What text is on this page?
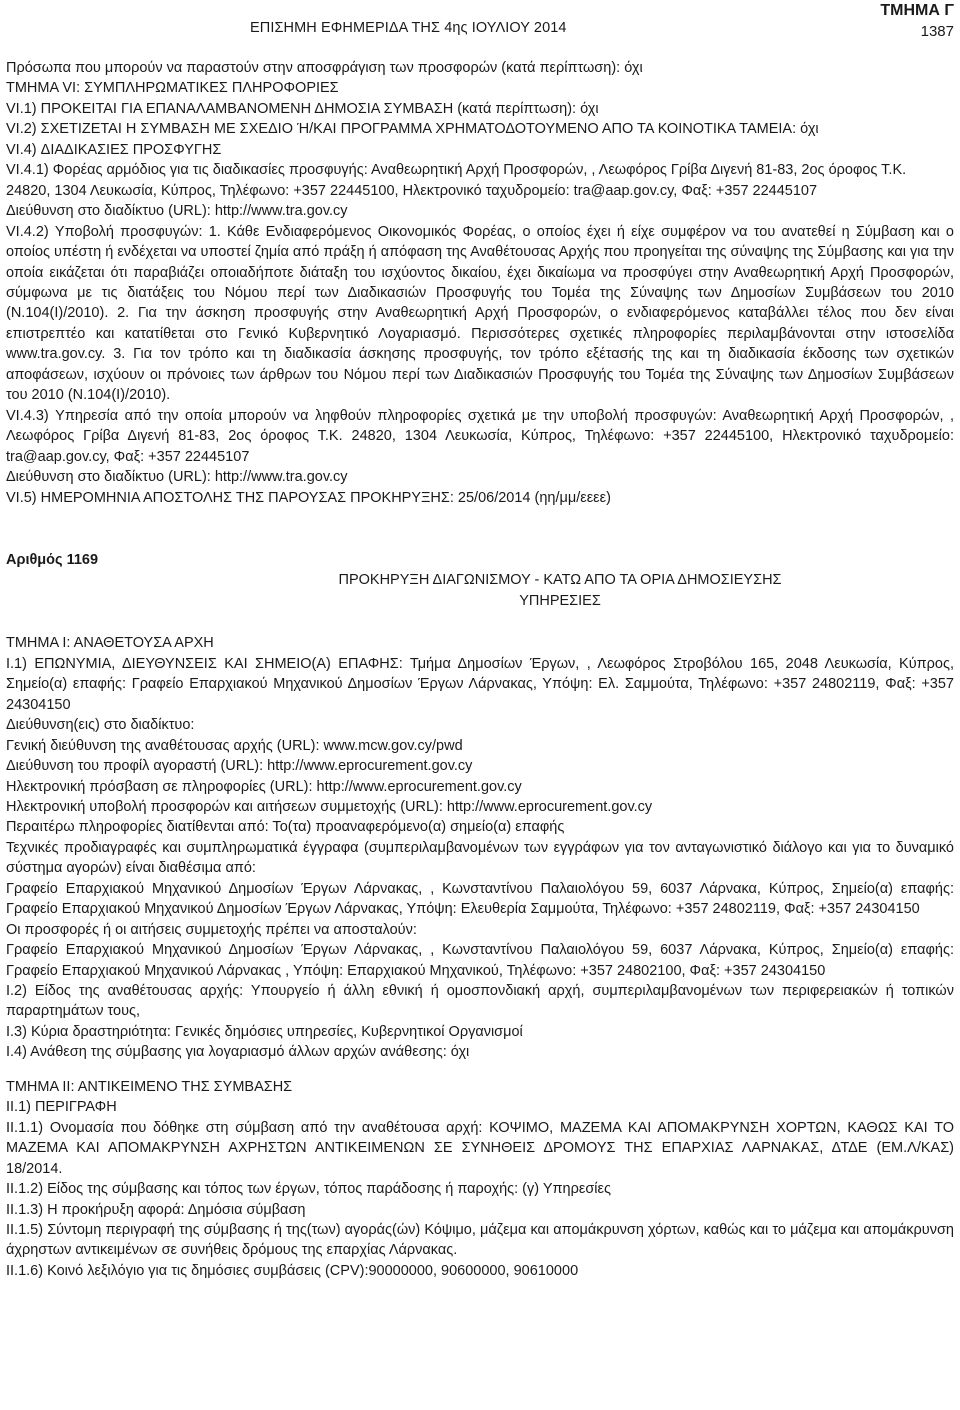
ΕΠΙΣΗΜΗ ΕΦΗΜΕΡΙΔΑ ΤΗΣ 4ης ΙΟΥΛΙΟΥ 2014
ΤΜΗΜΑ Γ
1387

Πρόσωπα που μπορούν να παραστούν στην αποσφράγιση των προσφορών (κατά περίπτωση): όχι

ΤΜΗΜΑ VI: ΣΥΜΠΛΗΡΩΜΑΤΙΚΕΣ ΠΛΗΡΟΦΟΡΙΕΣ

VI.1) ΠΡΟΚΕΙΤΑΙ ΓΙΑ ΕΠΑΝΑΛΑΜΒΑΝΟΜΕΝΗ ΔΗΜΟΣΙΑ ΣΥΜΒΑΣΗ (κατά περίπτωση): όχι

VI.2) ΣΧΕΤΙΖΕΤΑΙ Η ΣΥΜΒΑΣΗ ΜΕ ΣΧΕΔΙΟ Ή/ΚΑΙ ΠΡΟΓΡΑΜΜΑ ΧΡΗΜΑΤΟΔΟΤΟΥΜΕΝΟ ΑΠΟ ΤΑ ΚΟΙΝΟΤΙΚΑ ΤΑΜΕΙΑ: όχι

VI.4) ΔΙΑΔΙΚΑΣΙΕΣ ΠΡΟΣΦΥΓΗΣ

VI.4.1) Φορέας αρμόδιος για τις διαδικασίες προσφυγής: Αναθεωρητική Αρχή Προσφορών, , Λεωφόρος Γρίβα Διγενή 81-83, 2ος όροφος Τ.Κ. 24820, 1304 Λευκωσία, Κύπρος, Τηλέφωνο: +357 22445100, Ηλεκτρονικό ταχυδρομείο: tra@aap.gov.cy, Φαξ: +357 22445107

Διεύθυνση στο διαδίκτυο (URL): http://www.tra.gov.cy

VI.4.2) Υποβολή προσφυγών: 1. Κάθε Ενδιαφερόμενος Οικονομικός Φορέας, ο οποίος έχει ή είχε συμφέρον να του ανατεθεί η Σύμβαση και ο οποίος υπέστη ή ενδέχεται να υποστεί ζημία από πράξη ή απόφαση της Αναθέτουσας Αρχής που προηγείται της σύναψης της Σύμβασης και για την οποία εικάζεται ότι παραβιάζει οποιαδήποτε διάταξη του ισχύοντος δικαίου, έχει δικαίωμα να προσφύγει στην Αναθεωρητική Αρχή Προσφορών, σύμφωνα με τις διατάξεις του Νόμου περί των Διαδικασιών Προσφυγής του Τομέα της Σύναψης των Δημοσίων Συμβάσεων του 2010 (Ν.104(Ι)/2010). 2. Για την άσκηση προσφυγής στην Αναθεωρητική Αρχή Προσφορών, ο ενδιαφερόμενος καταβάλλει τέλος που δεν είναι επιστρεπτέο και κατατίθεται στο Γενικό Κυβερνητικό Λογαριασμό. Περισσότερες σχετικές πληροφορίες περιλαμβάνονται στην ιστοσελίδα www.tra.gov.cy. 3. Για τον τρόπο και τη διαδικασία άσκησης προσφυγής, τον τρόπο εξέτασής της και τη διαδικασία έκδοσης των σχετικών αποφάσεων, ισχύουν οι πρόνοιες των άρθρων του Νόμου περί των Διαδικασιών Προσφυγής του Τομέα της Σύναψης των Δημοσίων Συμβάσεων του 2010 (Ν.104(Ι)/2010).

VI.4.3) Υπηρεσία από την οποία μπορούν να ληφθούν πληροφορίες σχετικά με την υποβολή προσφυγών: Αναθεωρητική Αρχή Προσφορών, , Λεωφόρος Γρίβα Διγενή 81-83, 2ος όροφος Τ.Κ. 24820, 1304 Λευκωσία, Κύπρος, Τηλέφωνο: +357 22445100, Ηλεκτρονικό ταχυδρομείο: tra@aap.gov.cy, Φαξ: +357 22445107

Διεύθυνση στο διαδίκτυο (URL): http://www.tra.gov.cy

VI.5) ΗΜΕΡΟΜΗΝΙΑ ΑΠΟΣΤΟΛΗΣ ΤΗΣ ΠΑΡΟΥΣΑΣ ΠΡΟΚΗΡΥΞΗΣ: 25/06/2014 (ηη/μμ/εεεε)

Αριθμός 1169

ΠΡΟΚΗΡΥΞΗ ΔΙΑΓΩΝΙΣΜΟΥ - ΚΑΤΩ ΑΠΟ ΤΑ ΟΡΙΑ ΔΗΜΟΣΙΕΥΣΗΣ
ΥΠΗΡΕΣΙΕΣ

ΤΜΗΜΑ Ι: ΑΝΑΘΕΤΟΥΣΑ ΑΡΧΗ

Ι.1) ΕΠΩΝΥΜΙΑ, ΔΙΕΥΘΥΝΣΕΙΣ ΚΑΙ ΣΗΜΕΙΟ(Α) ΕΠΑΦΗΣ: Τμήμα Δημοσίων Έργων, , Λεωφόρος Στροβόλου 165, 2048 Λευκωσία, Κύπρος, Σημείο(α) επαφής: Γραφείο Επαρχιακού Μηχανικού Δημοσίων Έργων Λάρνακας, Υπόψη: Ελ. Σαμμούτα, Τηλέφωνο: +357 24802119, Φαξ: +357 24304150

Διεύθυνση(εις) στο διαδίκτυο:

Γενική διεύθυνση της αναθέτουσας αρχής (URL): www.mcw.gov.cy/pwd

Διεύθυνση του προφίλ αγοραστή (URL): http://www.eprocurement.gov.cy

Ηλεκτρονική πρόσβαση σε πληροφορίες (URL): http://www.eprocurement.gov.cy

Ηλεκτρονική υποβολή προσφορών και αιτήσεων συμμετοχής (URL): http://www.eprocurement.gov.cy

Περαιτέρω πληροφορίες διατίθενται από: Το(τα) προαναφερόμενο(α) σημείο(α) επαφής

Τεχνικές προδιαγραφές και συμπληρωματικά έγγραφα (συμπεριλαμβανομένων των εγγράφων για τον ανταγωνιστικό διάλογο και για το δυναμικό σύστημα αγορών) είναι διαθέσιμα από:

Γραφείο Επαρχιακού Μηχανικού Δημοσίων Έργων Λάρνακας, , Κωνσταντίνου Παλαιολόγου 59, 6037 Λάρνακα, Κύπρος, Σημείο(α) επαφής: Γραφείο Επαρχιακού Μηχανικού Δημοσίων Έργων Λάρνακας, Υπόψη: Ελευθερία Σαμμούτα, Τηλέφωνο: +357 24802119, Φαξ: +357 24304150

Οι προσφορές ή οι αιτήσεις συμμετοχής πρέπει να αποσταλούν:

Γραφείο Επαρχιακού Μηχανικού Δημοσίων Έργων Λάρνακας, , Κωνσταντίνου Παλαιολόγου 59, 6037 Λάρνακα, Κύπρος, Σημείο(α) επαφής: Γραφείο Επαρχιακού Μηχανικού Λάρνακας , Υπόψη: Επαρχιακού Μηχανικού, Τηλέφωνο: +357 24802100, Φαξ: +357 24304150

Ι.2) Είδος της αναθέτουσας αρχής: Υπουργείο ή άλλη εθνική ή ομοσπονδιακή αρχή, συμπεριλαμβανομένων των περιφερειακών ή τοπικών παραρτημάτων τους,

Ι.3) Κύρια δραστηριότητα: Γενικές δημόσιες υπηρεσίες, Κυβερνητικοί Οργανισμοί

Ι.4) Ανάθεση της σύμβασης για λογαριασμό άλλων αρχών ανάθεσης: όχι

ΤΜΗΜΑ ΙΙ: ΑΝΤΙΚΕΙΜΕΝΟ ΤΗΣ ΣΥΜΒΑΣΗΣ

ΙΙ.1) ΠΕΡΙΓΡΑΦΗ

ΙΙ.1.1) Ονομασία που δόθηκε στη σύμβαση από την αναθέτουσα αρχή: ΚΟΨΙΜΟ, ΜΑΖΕΜΑ ΚΑΙ ΑΠΟΜΑΚΡΥΝΣΗ ΧΟΡΤΩΝ, ΚΑΘΩΣ ΚΑΙ ΤΟ ΜΑΖΕΜΑ ΚΑΙ ΑΠΟΜΑΚΡΥΝΣΗ ΑΧΡΗΣΤΩΝ ΑΝΤΙΚΕΙΜΕΝΩΝ ΣΕ ΣΥΝΗΘΕΙΣ ΔΡΟΜΟΥΣ ΤΗΣ ΕΠΑΡΧΙΑΣ ΛΑΡΝΑΚΑΣ, ΔΤΔΕ (ΕΜ.Λ/ΚΑΣ) 18/2014.

ΙΙ.1.2) Είδος της σύμβασης και τόπος των έργων, τόπος παράδοσης ή παροχής: (γ) Υπηρεσίες

ΙΙ.1.3) Η προκήρυξη αφορά: Δημόσια σύμβαση

ΙΙ.1.5) Σύντομη περιγραφή της σύμβασης ή της(των) αγοράς(ών) Κόψιμο, μάζεμα και απομάκρυνση χόρτων, καθώς και το μάζεμα και απομάκρυνση άχρηστων αντικειμένων σε συνήθεις δρόμους της επαρχίας Λάρνακας.

ΙΙ.1.6) Κοινό λεξιλόγιο για τις δημόσιες συμβάσεις (CPV):90000000, 90600000, 90610000
